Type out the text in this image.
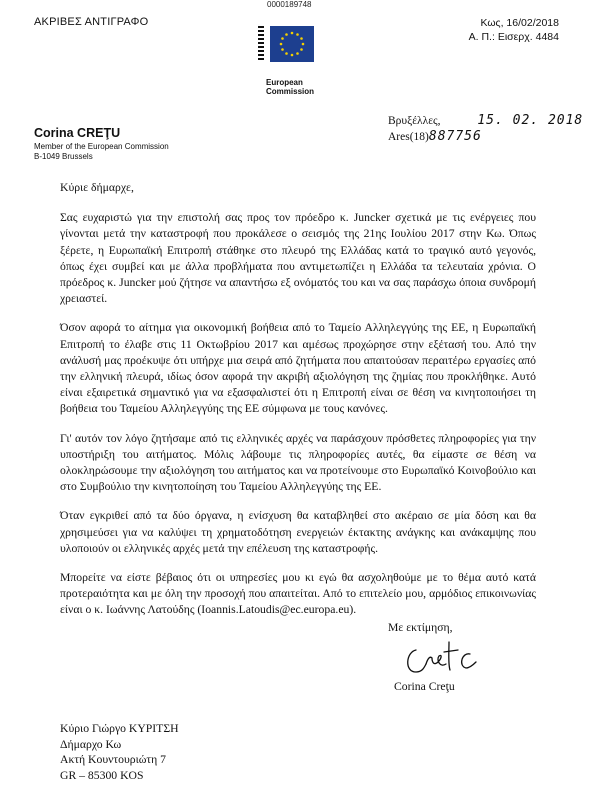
0000189748
ΑΚΡΙΒΕΣ ΑΝΤΙΓΡΑΦΟ	Κως, 16/02/2018
Α. Π.: Εισερχ. 4484
European
Commission
Corina CREŢU
Member of the European Commission
B-1049 Brussels
Βρυξέλλες,	15. 02. 2018
Ares(18)887756

Κύριε δήμαρχε,

Σας ευχαριστώ για την επιστολή σας προς τον πρόεδρο κ. Juncker σχετικά με τις ενέργειες που γίνονται μετά την καταστροφή που προκάλεσε ο σεισμός της 21ης Ιουλίου 2017 στην Κω. Όπως ξέρετε, η Ευρωπαϊκή Επιτροπή στάθηκε στο πλευρό της Ελλάδας κατά το τραγικό αυτό γεγονός, όπως έχει συμβεί και με άλλα προβλήματα που αντιμετωπίζει η Ελλάδα τα τελευταία χρόνια. Ο πρόεδρος κ. Juncker μού ζήτησε να απαντήσω εξ ονόματός του και να σας παράσχω όποια συνδρομή χρειαστεί.

Όσον αφορά το αίτημα για οικονομική βοήθεια από το Ταμείο Αλληλεγγύης της ΕΕ, η Ευρωπαϊκή Επιτροπή το έλαβε στις 11 Οκτωβρίου 2017 και αμέσως προχώρησε στην εξέτασή του. Από την ανάλυσή μας προέκυψε ότι υπήρχε μια σειρά από ζητήματα που απαιτούσαν περαιτέρω εργασίες από την ελληνική πλευρά, ιδίως όσον αφορά την ακριβή αξιολόγηση της ζημίας που προκλήθηκε. Αυτό είναι εξαιρετικά σημαντικό για να εξασφαλιστεί ότι η Επιτροπή είναι σε θέση να κινητοποιήσει τη βοήθεια του Ταμείου Αλληλεγγύης της ΕΕ σύμφωνα με τους κανόνες.

Γι' αυτόν τον λόγο ζητήσαμε από τις ελληνικές αρχές να παράσχουν πρόσθετες πληροφορίες για την υποστήριξη του αιτήματος. Μόλις λάβουμε τις πληροφορίες αυτές, θα είμαστε σε θέση να ολοκληρώσουμε την αξιολόγηση του αιτήματος και να προτείνουμε στο Ευρωπαϊκό Κοινοβούλιο και στο Συμβούλιο την κινητοποίηση του Ταμείου Αλληλεγγύης της ΕΕ.

Όταν εγκριθεί από τα δύο όργανα, η ενίσχυση θα καταβληθεί στο ακέραιο σε μία δόση και θα χρησιμεύσει για να καλύψει τη χρηματοδότηση ενεργειών έκτακτης ανάγκης και ανάκαμψης που υλοποιούν οι ελληνικές αρχές μετά την επέλευση της καταστροφής.

Μπορείτε να είστε βέβαιος ότι οι υπηρεσίες μου κι εγώ θα ασχοληθούμε με το θέμα αυτό κατά προτεραιότητα και με όλη την προσοχή που απαιτείται. Από το επιτελείο μου, αρμόδιος επικοινωνίας είναι ο κ. Ιωάννης Λατούδης (Ioannis.Latoudis@ec.europa.eu).

Με εκτίμηση,
Corina Creţu
Κύριο Γιώργο ΚΥΡΙΤΣΗ
Δήμαρχο Κω
Ακτή Κουντουριώτη 7
GR – 85300 KOS
